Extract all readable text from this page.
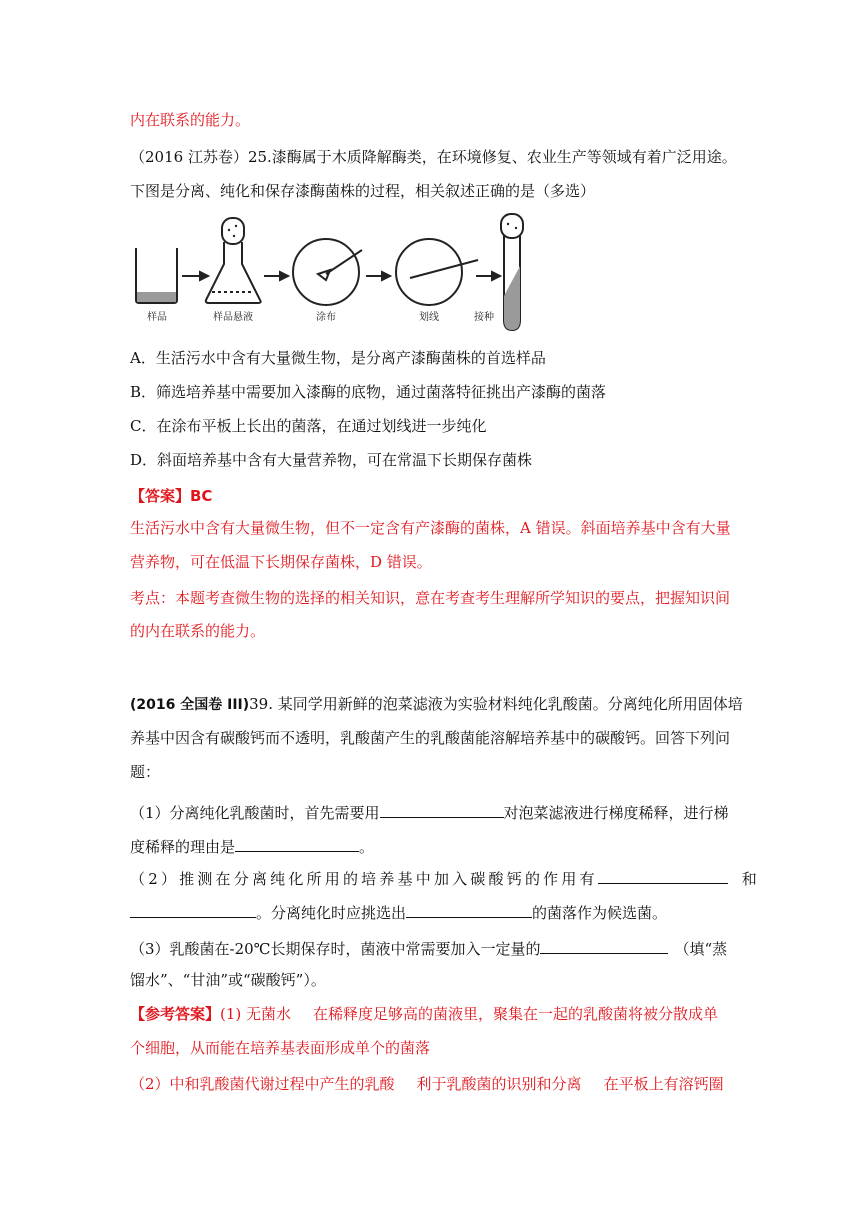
内在联系的能力。
（2016 江苏卷）25.漆酶属于木质降解酶类，在环境修复、农业生产等领域有着广泛用途。
下图是分离、纯化和保存漆酶菌株的过程，相关叙述正确的是（多选）
样品	样品悬液	涂布	划线	接种
A．生活污水中含有大量微生物，是分离产漆酶菌株的首选样品
B．筛选培养基中需要加入漆酶的底物，通过菌落特征挑出产漆酶的菌落
C．在涂布平板上长出的菌落，在通过划线进一步纯化
D．斜面培养基中含有大量营养物，可在常温下长期保存菌株
【答案】BC
生活污水中含有大量微生物，但不一定含有产漆酶的菌株，A 错误。斜面培养基中含有大量
营养物，可在低温下长期保存菌株，D 错误。
考点：本题考查微生物的选择的相关知识，意在考查考生理解所学知识的要点，把握知识间
的内在联系的能力。
(2016 全国卷 III)39. 某同学用新鲜的泡菜滤液为实验材料纯化乳酸菌。分离纯化所用固体培
养基中因含有碳酸钙而不透明，乳酸菌产生的乳酸菌能溶解培养基中的碳酸钙。回答下列问
题：
（1）分离纯化乳酸菌时，首先需要用	对泡菜滤液进行梯度稀释，进行梯
度稀释的理由是	。
（2）推测在分离纯化所用的培养基中加入碳酸钙的作用有	和
。分离纯化时应挑选出	的菌落作为候选菌。
（3）乳酸菌在-20℃长期保存时，菌液中常需要加入一定量的	（填“蒸
馏水”、“甘油”或“碳酸钙”）。
【参考答案】(1) 无菌水 在稀释度足够高的菌液里，聚集在一起的乳酸菌将被分散成单
个细胞，从而能在培养基表面形成单个的菌落
（2）中和乳酸菌代谢过程中产生的乳酸 利于乳酸菌的识别和分离 在平板上有溶钙圈
